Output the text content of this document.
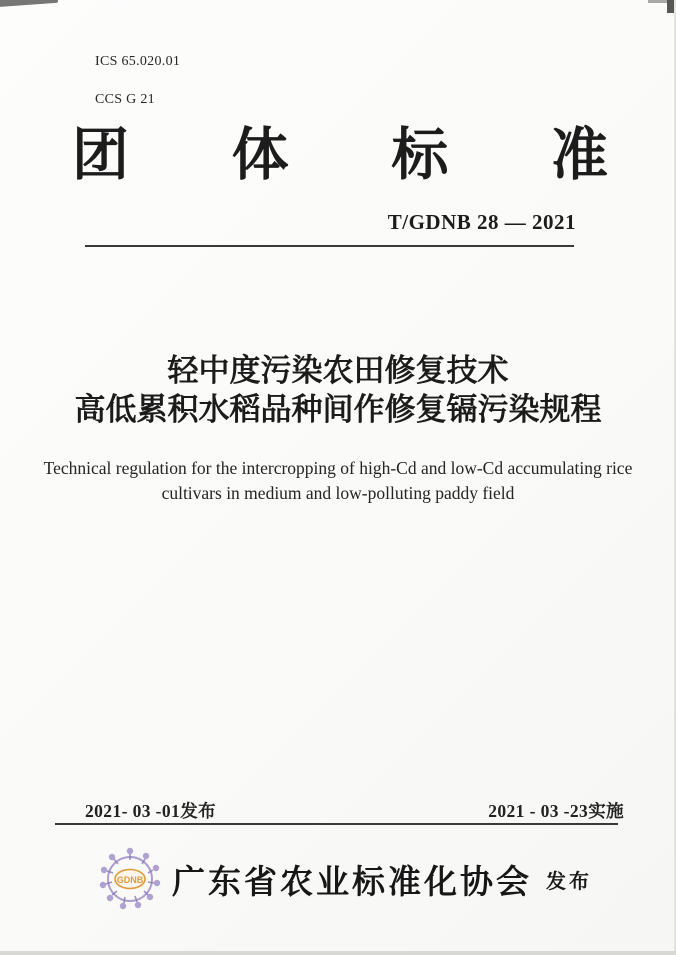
ICS 65.020.01
CCS G 21
团 体 标 准
T/GDNB 28 — 2021
轻中度污染农田修复技术
高低累积水稻品种间作修复镉污染规程
Technical regulation for the intercropping of high-Cd and low-Cd accumulating rice
cultivars in medium and low-polluting paddy field
2021- 03 -01发布	2021 - 03 -23实施
GDNB 广东省农业标准化协会 发布
